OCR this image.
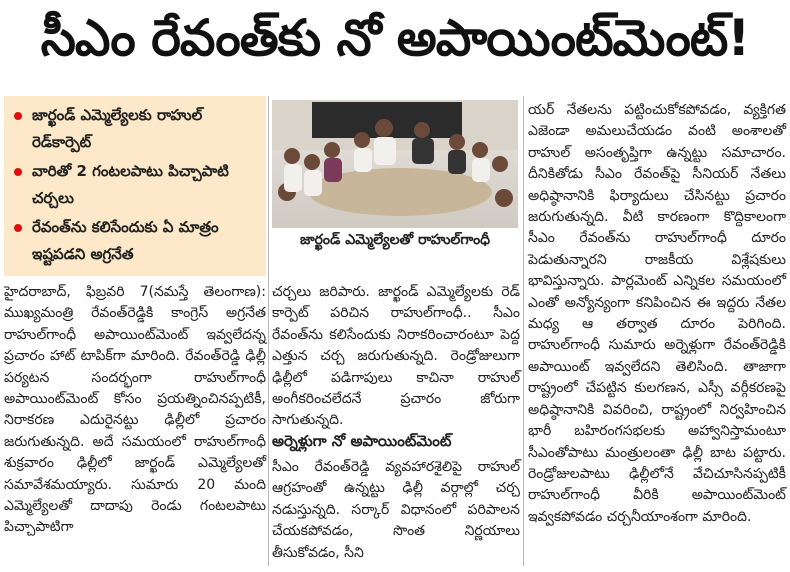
సీఎం రేవంత్‌కు నో అపాయింట్‌మెంట్‌!
జార్ఖండ్ ఎమ్మెల్యేలకు రాహుల్ రెడ్‌కార్పెట్
వారితో 2 గంటలపాటు పిచ్చాపాటి చర్చలు
రేవంత్‌ను కలిసేందుకు ఏ మాత్రం ఇష్టపడని అగ్రనేత
జార్ఖండ్ ఎమ్మెల్యేలతో రాహుల్‌గాంధీ

హైదరాబాద్, ఫిబ్రవరి 7(నమస్తే తెలంగాణ): ముఖ్యమంత్రి రేవంత్‌రెడ్డికి కాంగ్రెస్ అగ్రనేత రాహుల్‌గాంధీ అపాయింట్‌మెంట్ ఇవ్వలేదన్న ప్రచారం హాట్ టాపిక్‌గా మారింది. రేవంత్‌రెడ్డి ఢిల్లీ పర్యటన సందర్భంగా రాహుల్‌గాంధీ అపాయింట్‌మెంట్ కోసం ప్రయత్నించినప్పటికీ, నిరాకరణ ఎదురైనట్టు ఢిల్లీలో ప్రచారం జరుగుతున్నది. అదే సమయంలో రాహుల్‌గాంధీ శుక్రవారం ఢిల్లీలో జార్ఖండ్ ఎమ్మెల్యేలతో సమావేశమయ్యారు. సుమారు 20 మంది ఎమ్మెల్యేలతో దాదాపు రెండు గంటలపాటు పిచ్చాపాటిగా

చర్చలు జరిపారు. జార్ఖండ్ ఎమ్మెల్యేలకు రెడ్ కార్పెట్ పరిచిన రాహుల్‌గాంధీ.. సీఎం రేవంత్‌ను కలిసేందుకు నిరాకరించారంటూ పెద్ద ఎత్తున చర్చ జరుగుతున్నది. రెండ్రోజులుగా ఢిల్లీలో పడిగాపులు కాచినా రాహుల్ అంగీకరించలేదనే ప్రచారం జోరుగా సాగుతున్నది.

అర్నెళ్లుగా నో అపాయింట్‌మెంట్

సీఎం రేవంత్‌రెడ్డి వ్యవహారశైలిపై రాహుల్ ఆగ్రహంతో ఉన్నట్టు ఢిల్లీ వర్గాల్లో చర్చ నడుస్తున్నది. సర్కార్ విధానంలో పరిపాలన చేయకపోవడం, సొంత నిర్ణయాలు తీసుకోవడం, సీని

యర్ నేతలను పట్టించుకోకపోవడం, వ్యక్తిగత ఎజెండా అమలుచేయడం వంటి అంశాలతో రాహుల్ అసంతృప్తిగా ఉన్నట్టు సమాచారం. దీనికితోడు సీఎం రేవంత్‌పై సీనియర్ నేతలు అధిష్ఠానానికి ఫిర్యాదులు చేసినట్టు ప్రచారం జరుగుతున్నది. వీటి కారణంగా కొద్దికాలంగా సీఎం రేవంత్‌ను రాహుల్‌గాంధీ దూరం పెడుతున్నారని రాజకీయ విశ్లేషకులు భావిస్తున్నారు. పార్లమెంట్ ఎన్నికల సమయంలో ఎంతో అన్యోన్యంగా కనిపించిన ఈ ఇద్దరు నేతల మధ్య ఆ తర్వాత దూరం పెరిగింది. రాహుల్‌గాంధీ సుమారు అర్నెళ్లుగా రేవంత్‌రెడ్డికి అపాయింట్ ఇవ్వలేదని తెలిసింది. తాజాగా రాష్ట్రంలో చేపట్టిన కులగణన, ఎస్సీ వర్గీకరణపై అధిష్ఠానానికి వివరించి, రాష్ట్రంలో నిర్వహించిన భారీ బహిరంగసభలకు అహ్వానిస్తామంటూ సీఎంతోపాటు మంత్రులంతా ఢిల్లీ బాట పట్టారు. రెండ్రోజులపాటు ఢిల్లీలోనే వేచిచూసినప్పటికీ రాహుల్‌గాంధీ వీరికి అపాయింట్‌మెంట్ ఇవ్వకపోవడం చర్చనీయాంశంగా మారింది.
